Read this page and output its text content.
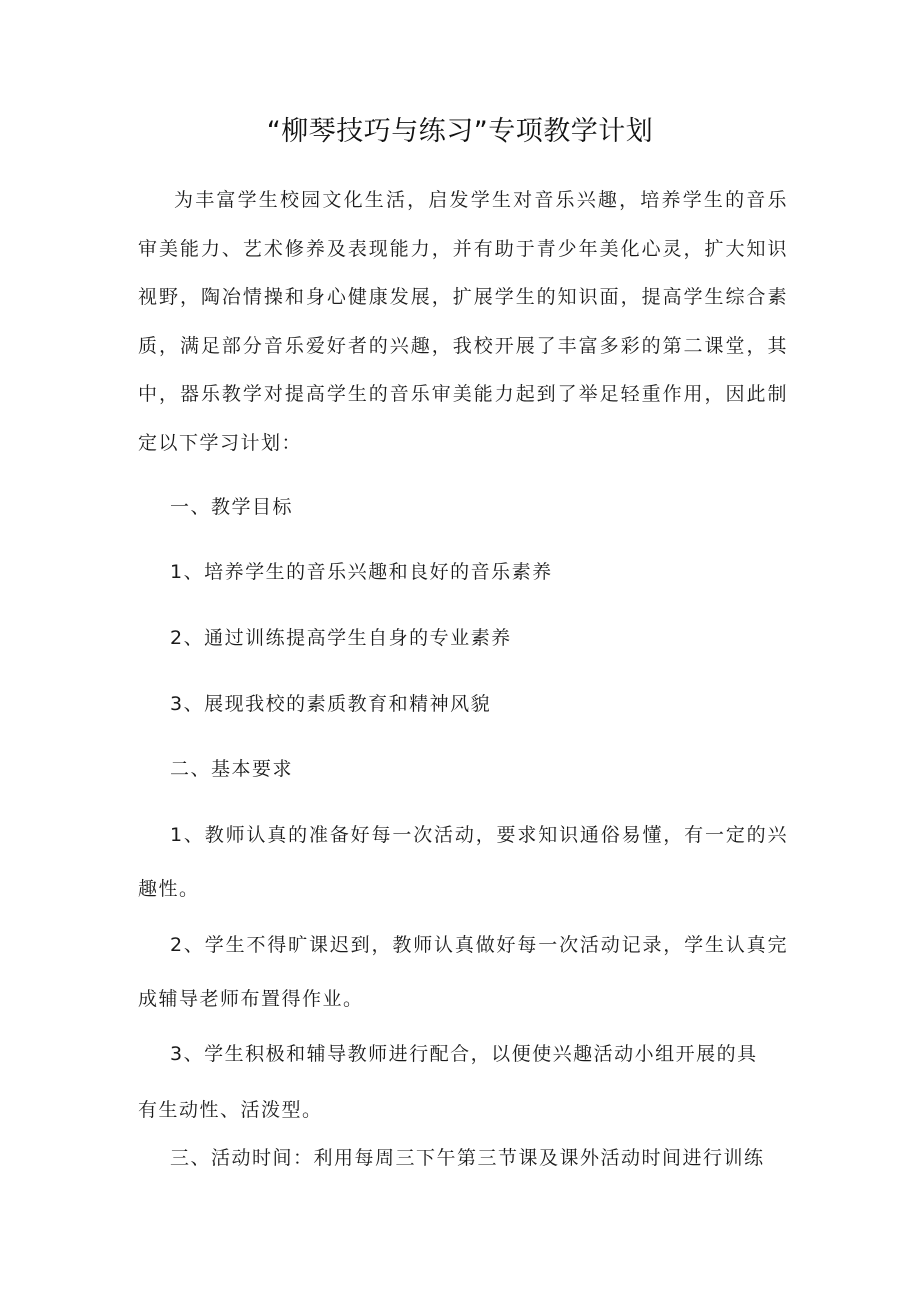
“柳琴技巧与练习”专项教学计划

为丰富学生校园文化生活，启发学生对音乐兴趣，培养学生的音乐审美能力、艺术修养及表现能力，并有助于青少年美化心灵，扩大知识视野，陶冶情操和身心健康发展，扩展学生的知识面，提高学生综合素质，满足部分音乐爱好者的兴趣，我校开展了丰富多彩的第二课堂，其中，器乐教学对提高学生的音乐审美能力起到了举足轻重作用，因此制定以下学习计划：

一、教学目标
1、培养学生的音乐兴趣和良好的音乐素养
2、通过训练提高学生自身的专业素养
3、展现我校的素质教育和精神风貌
二、基本要求

1、教师认真的准备好每一次活动，要求知识通俗易懂，有一定的兴趣性。

2、学生不得旷课迟到，教师认真做好每一次活动记录，学生认真完成辅导老师布置得作业。

3、学生积极和辅导教师进行配合，以便使兴趣活动小组开展的具
有生动性、活泼型。
三、活动时间：利用每周三下午第三节课及课外活动时间进行训练
